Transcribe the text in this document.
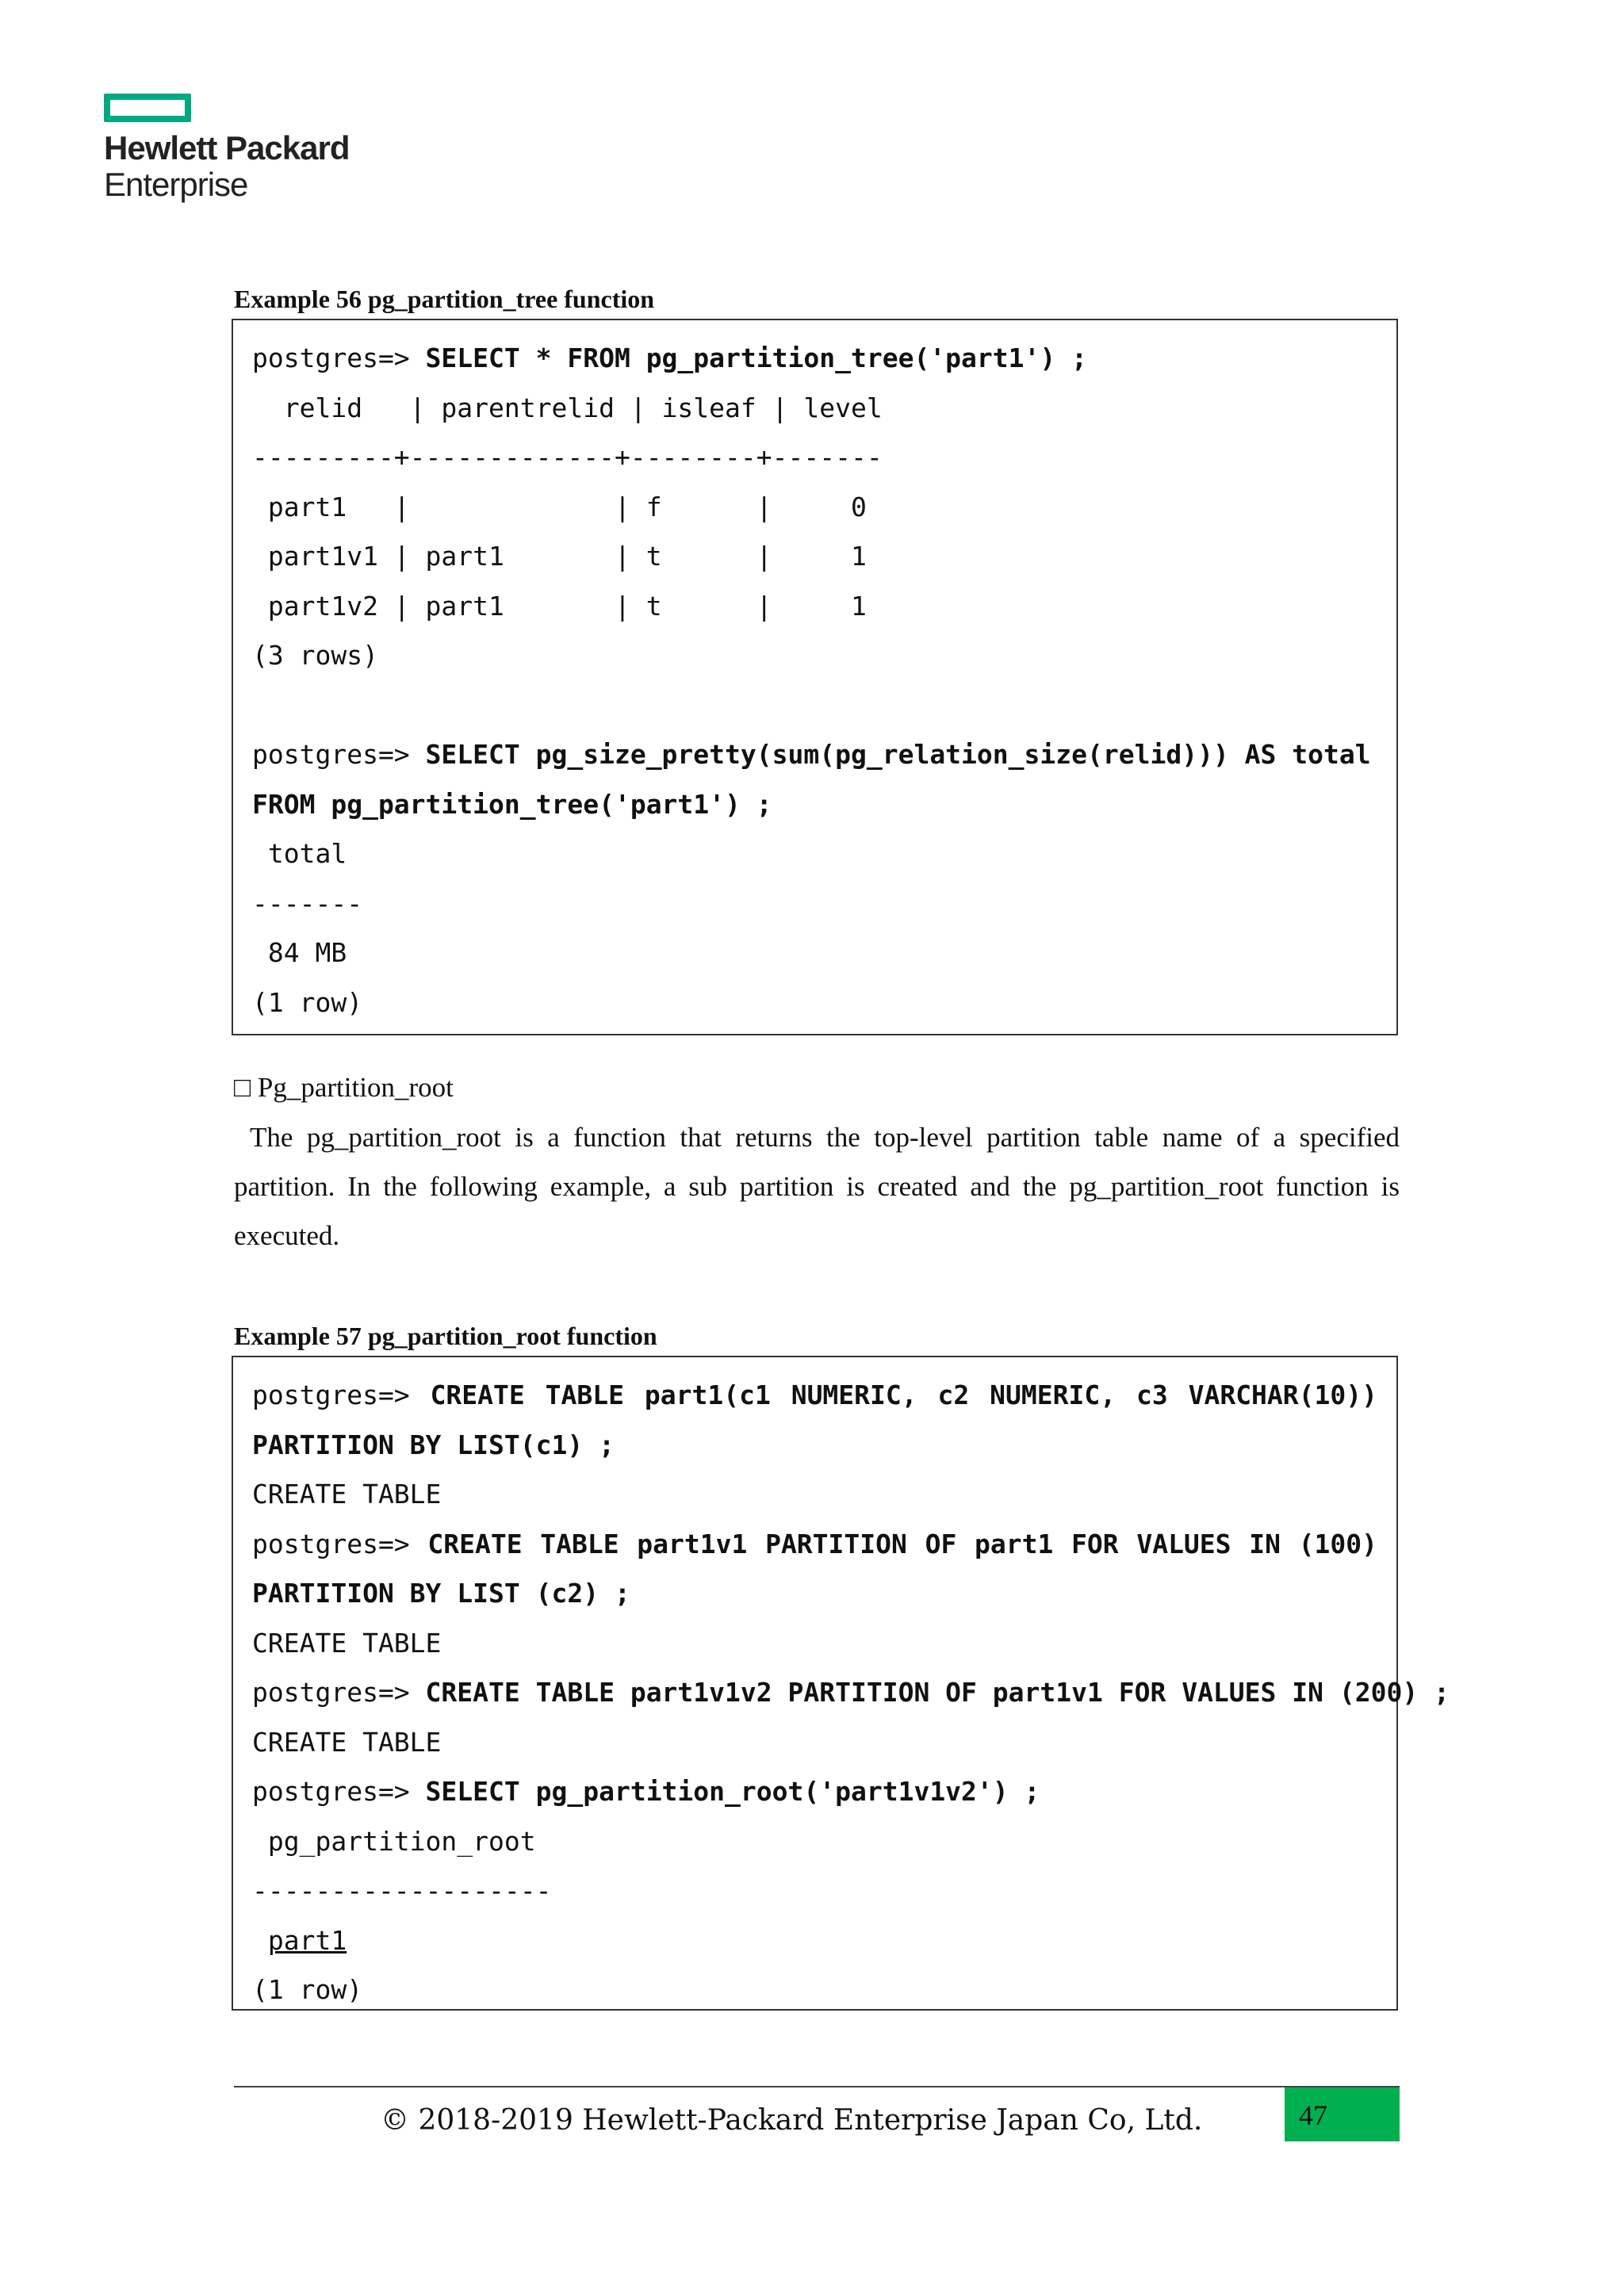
Hewlett Packard
Enterprise
Example 56 pg_partition_tree function
postgres=> SELECT * FROM pg_partition_tree('part1') ;
relid   | parentrelid | isleaf | level
---------+-------------+--------+-------
part1   |             | f      |     0
part1v1 | part1       | t      |     1
part1v2 | part1       | t      |     1
(3 rows)
postgres=> SELECT pg_size_pretty(sum(pg_relation_size(relid))) AS total
FROM pg_partition_tree('part1') ;
total
-------
84 MB
(1 row)
□ Pg_partition_root
The pg_partition_root is a function that returns the top-level partition table name of a specified partition. In the following example, a sub partition is created and the pg_partition_root function is executed.
Example 57 pg_partition_root function
postgres=> CREATE TABLE part1(c1 NUMERIC, c2 NUMERIC, c3 VARCHAR(10))
PARTITION BY LIST(c1) ;
CREATE TABLE
postgres=> CREATE TABLE part1v1 PARTITION OF part1 FOR VALUES IN (100)
PARTITION BY LIST (c2) ;
CREATE TABLE
postgres=> CREATE TABLE part1v1v2 PARTITION OF part1v1 FOR VALUES IN (200) ;
CREATE TABLE
postgres=> SELECT pg_partition_root('part1v1v2') ;
pg_partition_root
-------------------
part1
(1 row)
© 2018-2019 Hewlett-Packard Enterprise Japan Co, Ltd.	47
